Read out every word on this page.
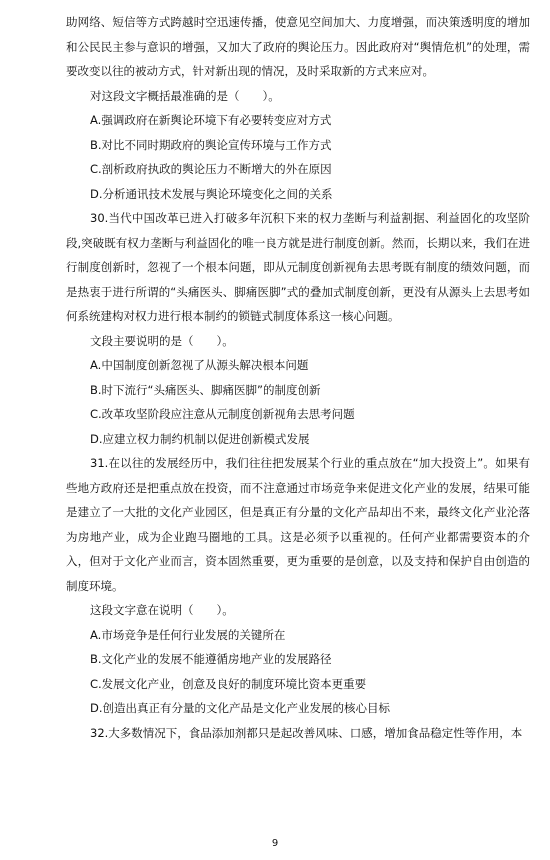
助网络、短信等方式跨越时空迅速传播，使意见空间加大、力度增强，而决策透明度的增加和公民民主参与意识的增强，又加大了政府的舆论压力。因此政府对“舆情危机”的处理，需要改变以往的被动方式，针对新出现的情况，及时采取新的方式来应对。

对这段文字概括最准确的是（　　）。

A.强调政府在新舆论环境下有必要转变应对方式

B.对比不同时期政府的舆论宣传环境与工作方式

C.剖析政府执政的舆论压力不断增大的外在原因

D.分析通讯技术发展与舆论环境变化之间的关系

30.当代中国改革已进入打破多年沉积下来的权力垄断与利益割据、利益固化的攻坚阶段,突破既有权力垄断与利益固化的唯一良方就是进行制度创新。然而，长期以来，我们在进行制度创新时，忽视了一个根本问题，即从元制度创新视角去思考既有制度的绩效问题，而是热衷于进行所谓的“头痛医头、脚痛医脚”式的叠加式制度创新，更没有从源头上去思考如何系统建构对权力进行根本制约的锁链式制度体系这一核心问题。

文段主要说明的是（　　）。

A.中国制度创新忽视了从源头解决根本问题

B.时下流行“头痛医头、脚痛医脚”的制度创新

C.改革攻坚阶段应注意从元制度创新视角去思考问题

D.应建立权力制约机制以促进创新模式发展

31.在以往的发展经历中，我们往往把发展某个行业的重点放在“加大投资上”。如果有些地方政府还是把重点放在投资，而不注意通过市场竞争来促进文化产业的发展，结果可能是建立了一大批的文化产业园区，但是真正有分量的文化产品却出不来，最终文化产业沦落为房地产业，成为企业跑马圈地的工具。这是必须予以重视的。任何产业都需要资本的介入，但对于文化产业而言，资本固然重要，更为重要的是创意，以及支持和保护自由创造的制度环境。

这段文字意在说明（　　）。

A.市场竞争是任何行业发展的关键所在

B.文化产业的发展不能遵循房地产业的发展路径

C.发展文化产业，创意及良好的制度环境比资本更重要

D.创造出真正有分量的文化产品是文化产业发展的核心目标

32.大多数情况下，食品添加剂都只是起改善风味、口感，增加食品稳定性等作用，本

9
